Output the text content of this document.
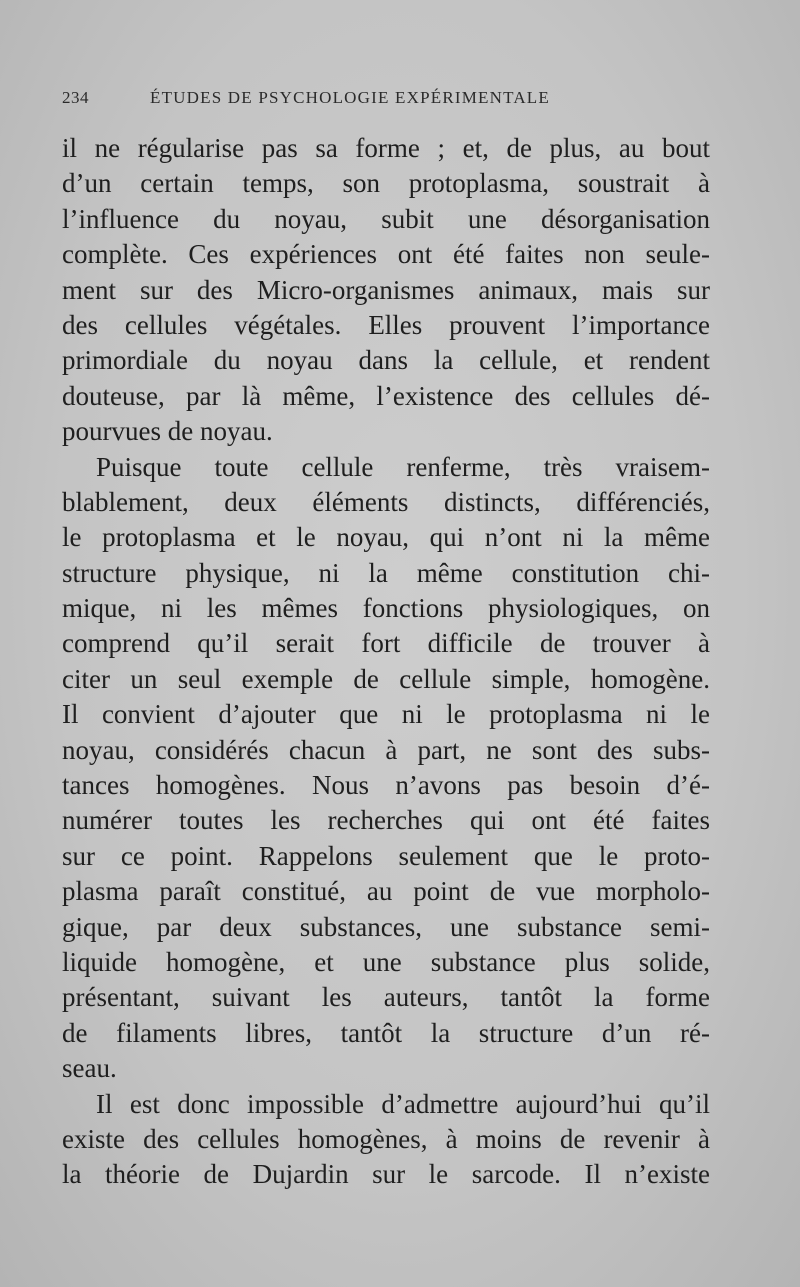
234	ÉTUDES DE PSYCHOLOGIE EXPÉRIMENTALE
il ne régularise pas sa forme ; et, de plus, au bout
d’un certain temps, son protoplasma, soustrait à
l’influence du noyau, subit une désorganisation
complète. Ces expériences ont été faites non seule-
ment sur des Micro-organismes animaux, mais sur
des cellules végétales. Elles prouvent l’importance
primordiale du noyau dans la cellule, et rendent
douteuse, par là même, l’existence des cellules dé-
pourvues de noyau.
Puisque toute cellule renferme, très vraisem-
blablement, deux éléments distincts, différenciés,
le protoplasma et le noyau, qui n’ont ni la même
structure physique, ni la même constitution chi-
mique, ni les mêmes fonctions physiologiques, on
comprend qu’il serait fort difficile de trouver à
citer un seul exemple de cellule simple, homogène.
Il convient d’ajouter que ni le protoplasma ni le
noyau, considérés chacun à part, ne sont des subs-
tances homogènes. Nous n’avons pas besoin d’é-
numérer toutes les recherches qui ont été faites
sur ce point. Rappelons seulement que le proto-
plasma paraît constitué, au point de vue morpholo-
gique, par deux substances, une substance semi-
liquide homogène, et une substance plus solide,
présentant, suivant les auteurs, tantôt la forme
de filaments libres, tantôt la structure d’un ré-
seau.
Il est donc impossible d’admettre aujourd’hui qu’il
existe des cellules homogènes, à moins de revenir à
la théorie de Dujardin sur le sarcode. Il n’existe
